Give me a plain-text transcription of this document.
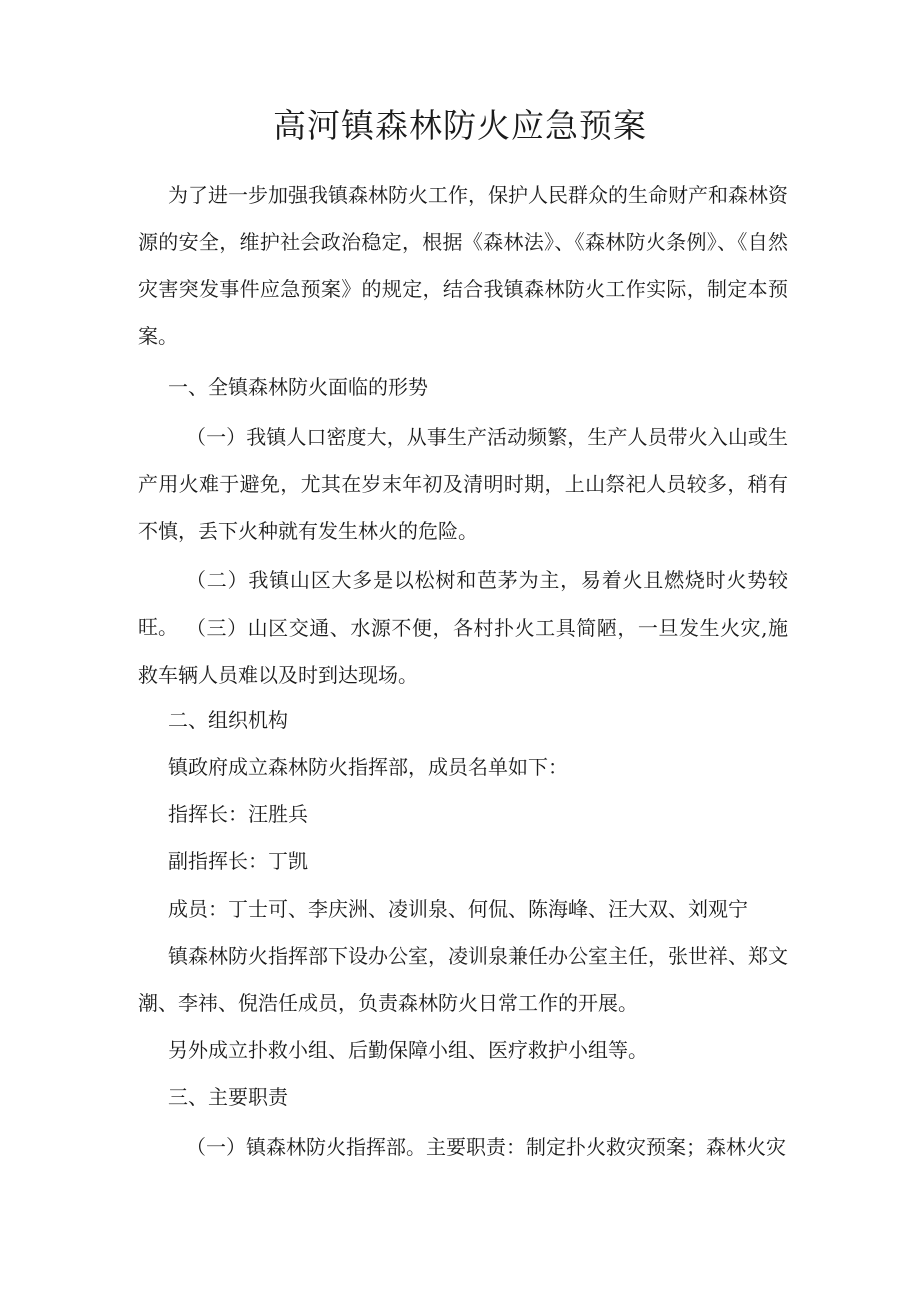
高河镇森林防火应急预案

为了进一步加强我镇森林防火工作，保护人民群众的生命财产和森林资源的安全，维护社会政治稳定，根据《森林法》、《森林防火条例》、《自然灾害突发事件应急预案》的规定，结合我镇森林防火工作实际，制定本预案。

一、全镇森林防火面临的形势

（一）我镇人口密度大，从事生产活动频繁，生产人员带火入山或生产用火难于避免，尤其在岁末年初及清明时期，上山祭祀人员较多，稍有不慎，丢下火种就有发生林火的危险。

（二）我镇山区大多是以松树和芭茅为主，易着火且燃烧时火势较旺。 （三）山区交通、水源不便，各村扑火工具简陋，一旦发生火灾,施救车辆人员难以及时到达现场。

二、组织机构

镇政府成立森林防火指挥部，成员名单如下：

指挥长：汪胜兵

副指挥长：丁凯

成员：丁士可、李庆洲、凌训泉、何侃、陈海峰、汪大双、刘观宁

镇森林防火指挥部下设办公室，凌训泉兼任办公室主任，张世祥、郑文潮、李祎、倪浩任成员，负责森林防火日常工作的开展。

另外成立扑救小组、后勤保障小组、医疗救护小组等。

三、主要职责

（一）镇森林防火指挥部。主要职责：制定扑火救灾预案；森林火灾
